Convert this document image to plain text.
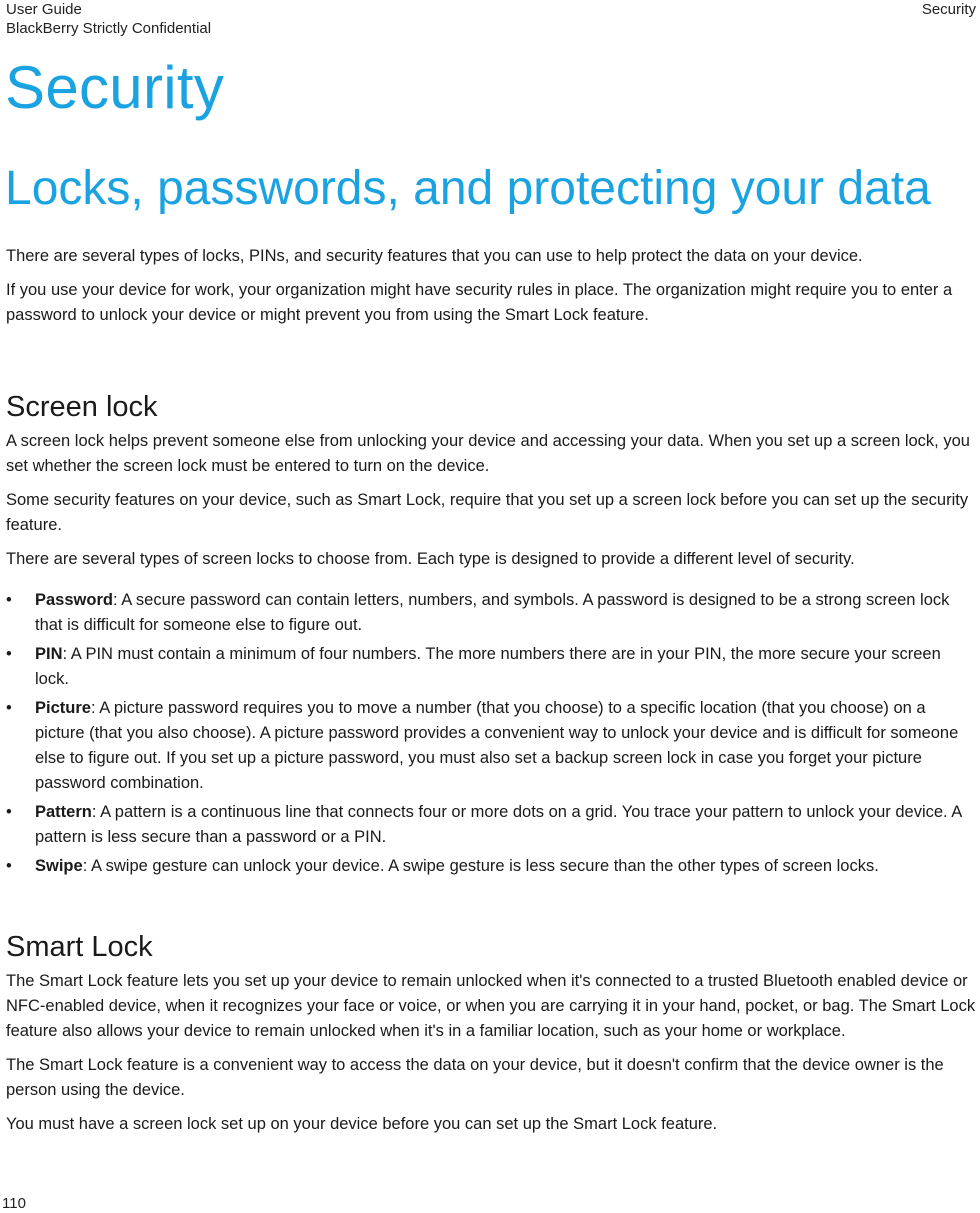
User Guide
BlackBerry Strictly Confidential
Security
Security
Locks, passwords, and protecting your data

There are several types of locks, PINs, and security features that you can use to help protect the data on your device.

If you use your device for work, your organization might have security rules in place. The organization might require you to enter a password to unlock your device or might prevent you from using the Smart Lock feature.

Screen lock

A screen lock helps prevent someone else from unlocking your device and accessing your data. When you set up a screen lock, you set whether the screen lock must be entered to turn on the device.

Some security features on your device, such as Smart Lock, require that you set up a screen lock before you can set up the security feature.

There are several types of screen locks to choose from. Each type is designed to provide a different level of security.

• Password: A secure password can contain letters, numbers, and symbols. A password is designed to be a strong screen lock that is difficult for someone else to figure out.
• PIN: A PIN must contain a minimum of four numbers. The more numbers there are in your PIN, the more secure your screen lock.
• Picture: A picture password requires you to move a number (that you choose) to a specific location (that you choose) on a picture (that you also choose). A picture password provides a convenient way to unlock your device and is difficult for someone else to figure out. If you set up a picture password, you must also set a backup screen lock in case you forget your picture password combination.
• Pattern: A pattern is a continuous line that connects four or more dots on a grid. You trace your pattern to unlock your device. A pattern is less secure than a password or a PIN.
• Swipe: A swipe gesture can unlock your device. A swipe gesture is less secure than the other types of screen locks.
Smart Lock

The Smart Lock feature lets you set up your device to remain unlocked when it's connected to a trusted Bluetooth enabled device or NFC-enabled device, when it recognizes your face or voice, or when you are carrying it in your hand, pocket, or bag. The Smart Lock feature also allows your device to remain unlocked when it's in a familiar location, such as your home or workplace.

The Smart Lock feature is a convenient way to access the data on your device, but it doesn't confirm that the device owner is the person using the device.

You must have a screen lock set up on your device before you can set up the Smart Lock feature.

110
